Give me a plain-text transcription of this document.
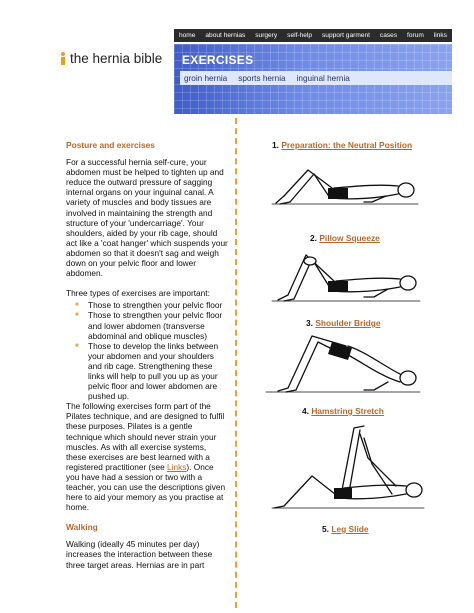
home about hernias surgery self-help support garment cases forum links
the hernia bible EXERCISES
groin hernia sports hernia inguinal hernia
Posture and exercises

For a successful hernia self-cure, your abdomen must be helped to tighten up and reduce the outward pressure of sagging internal organs on your inguinal canal. A variety of muscles and body tissues are involved in maintaining the strength and structure of your 'undercarriage'. Your shoulders, aided by your rib cage, should act like a 'coat hanger' which suspends your abdomen so that it doesn't sag and weigh down on your pelvic floor and lower abdomen.

Three types of exercises are important:

■ Those to strengthen your pelvic floor
■ Those to strengthen your pelvic floor and lower abdomen (transverse abdominal and oblique muscles)
■ Those to develop the links between your abdomen and your shoulders and rib cage. Strengthening these links will help to pull you up as your pelvic floor and lower abdomen are pushed up.

The following exercises form part of the Pilates technique, and are designed to fulfil these purposes. Pilates is a gentle technique which should never strain your muscles. As with all exercise systems, these exercises are best learned with a registered practitioner (see Links). Once you have had a session or two with a teacher, you can use the descriptions given here to aid your memory as you practise at home.

Walking

Walking (ideally 45 minutes per day) increases the interaction between these three target areas. Hernias are in part

1. Preparation: the Neutral Position
2. Pillow Squeeze
3. Shoulder Bridge
4. Hamstring Stretch
5. Leg Slide
